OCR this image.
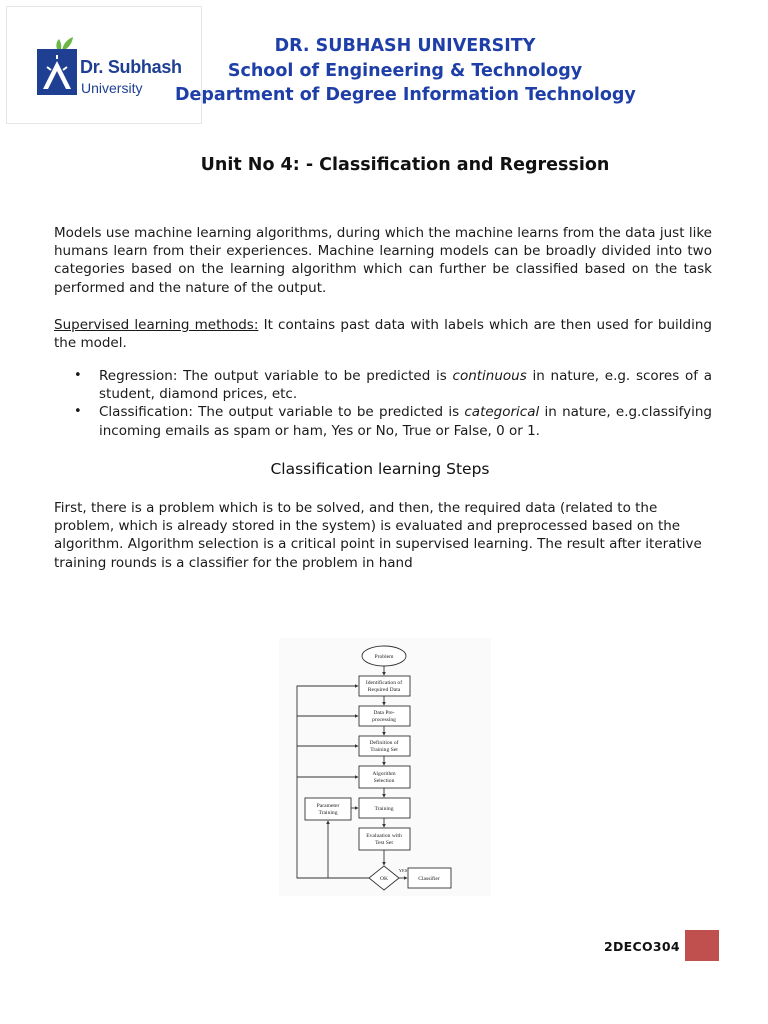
Dr. Subhash
University
DR. SUBHASH UNIVERSITY
School of Engineering & Technology
Department of Degree Information Technology
Unit No 4: - Classification and Regression

Models use machine learning algorithms, during which the machine learns from the data just like humans learn from their experiences. Machine learning models can be broadly divided into two categories based on the learning algorithm which can further be classified based on the task performed and the nature of the output.

Supervised learning methods: It contains past data with labels which are then used for building the model.

• Regression: The output variable to be predicted is continuous in nature, e.g. scores of a student, diamond prices, etc.
• Classification: The output variable to be predicted is categorical in nature, e.g.classifying incoming emails as spam or ham, Yes or No, True or False, 0 or 1.
Classification learning Steps

First, there is a problem which is to be solved, and then, the required data (related to the problem, which is already stored in the system) is evaluated and preprocessed based on the algorithm. Algorithm selection is a critical point in supervised learning. The result after iterative training rounds is a classifier for the problem in hand

Problem
Identification of
Required Data
Data Pre-
processing
Definition of
Training Set
Algorithm
Selection
Training
Parameter
Training
Evaluation with
Test Set
OK
YES
Classifier
2DECO304
